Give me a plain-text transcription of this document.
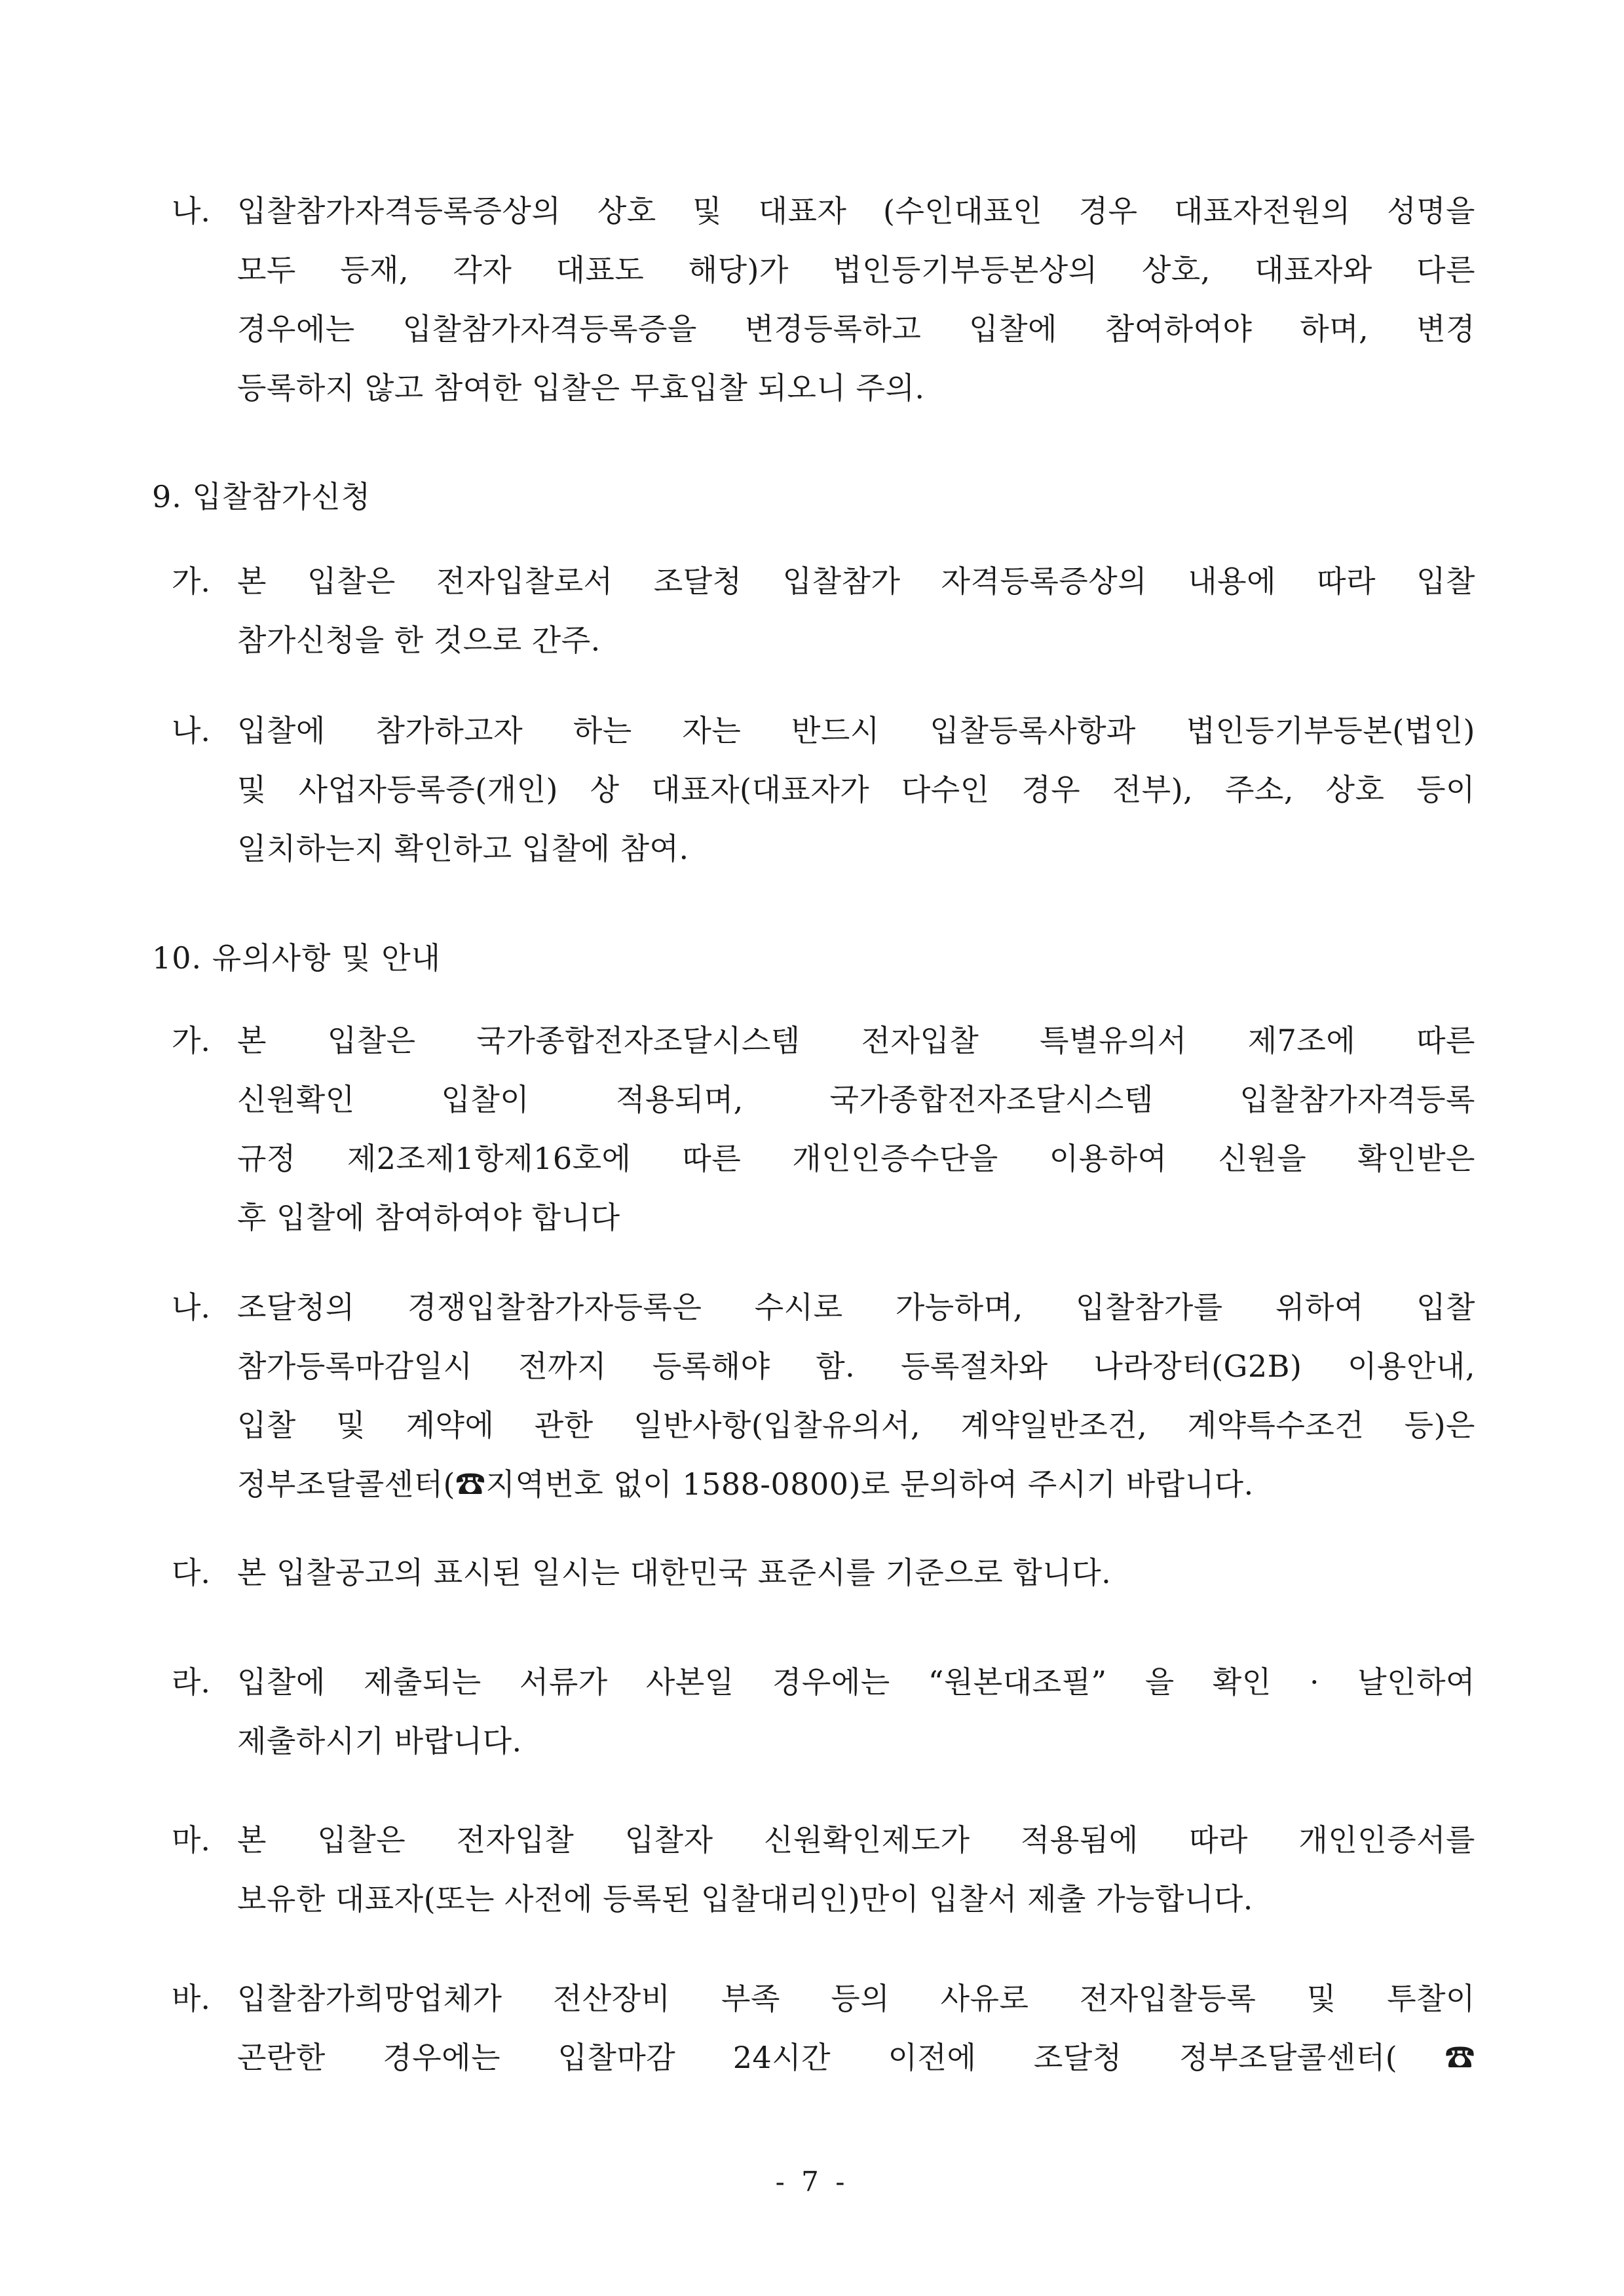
나. 입찰참가자격등록증상의 상호 및 대표자 (수인대표인 경우 대표자전원의 성명을
모두 등재, 각자 대표도 해당)가 법인등기부등본상의 상호, 대표자와 다른
경우에는 입찰참가자격등록증을 변경등록하고 입찰에 참여하여야 하며, 변경
등록하지 않고 참여한 입찰은 무효입찰 되오니 주의.
9. 입찰참가신청
가. 본 입찰은 전자입찰로서 조달청 입찰참가 자격등록증상의 내용에 따라 입찰
참가신청을 한 것으로 간주.
나. 입찰에 참가하고자 하는 자는 반드시 입찰등록사항과 법인등기부등본(법인)
및 사업자등록증(개인) 상 대표자(대표자가 다수인 경우 전부), 주소, 상호 등이
일치하는지 확인하고 입찰에 참여.
10. 유의사항 및 안내
가. 본 입찰은 국가종합전자조달시스템 전자입찰 특별유의서 제7조에 따른
신원확인 입찰이 적용되며, 국가종합전자조달시스템 입찰참가자격등록
규정 제2조제1항제16호에 따른 개인인증수단을 이용하여 신원을 확인받은
후 입찰에 참여하여야 합니다
나. 조달청의 경쟁입찰참가자등록은 수시로 가능하며, 입찰참가를 위하여 입찰
참가등록마감일시 전까지 등록해야 함. 등록절차와 나라장터(G2B) 이용안내,
입찰 및 계약에 관한 일반사항(입찰유의서, 계약일반조건, 계약특수조건 등)은
정부조달콜센터(☎지역번호 없이 1588-0800)로 문의하여 주시기 바랍니다.
다. 본 입찰공고의 표시된 일시는 대한민국 표준시를 기준으로 합니다.
라. 입찰에 제출되는 서류가 사본일 경우에는 “원본대조필” 을 확인 · 날인하여
제출하시기 바랍니다.
마. 본 입찰은 전자입찰 입찰자 신원확인제도가 적용됨에 따라 개인인증서를
보유한 대표자(또는 사전에 등록된 입찰대리인)만이 입찰서 제출 가능합니다.
바. 입찰참가희망업체가 전산장비 부족 등의 사유로 전자입찰등록 및 투찰이
곤란한 경우에는 입찰마감 24시간 이전에 조달청 정부조달콜센터(☎
- 7 -
